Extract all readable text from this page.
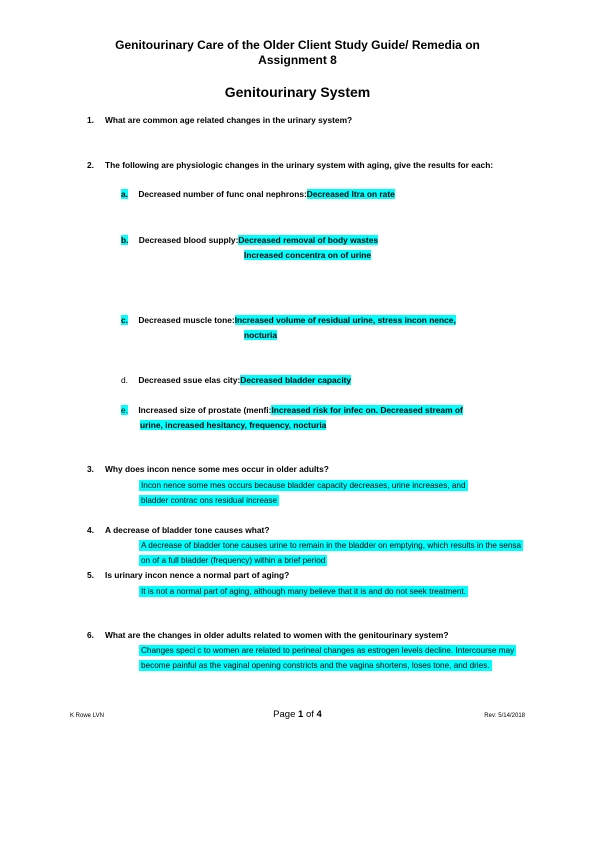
Genitourinary Care of the Older Client Study Guide/ Remedia on
Assignment 8
Genitourinary System
1. What are common age related changes in the urinary system?
2. The following are physiologic changes in the urinary system with aging, give the results for each:
a. Decreased number of func onal nephrons:Decreased ltra on rate
b. Decreased blood supply:Decreased removal of body wastes
Increased concentra on of urine
c. Decreased muscle tone:Increased volume of residual urine, stress incon nence,
nocturia
d. Decreased ssue elas city:Decreased bladder capacity
e. Increased size of prostate (menﬁ:Increased risk for infec on. Decreased stream of
urine, increased hesitancy, frequency, nocturia
3. Why does incon nence some mes occur in older adults?
Incon nence some mes occurs because bladder capacity decreases, urine increases, and bladder contrac ons residual increase
4. A decrease of bladder tone causes what?
A decrease of bladder tone causes urine to remain in the bladder on emptying, which results in the sensa on of a full bladder (frequency) within a brief period
5. Is urinary incon nence a normal part of aging?
It is not a normal part of aging, although many believe that it is and do not seek treatment.
6. What are the changes in older adults related to women with the genitourinary system?
Changes speci c to women are related to perineal changes as estrogen levels decline. Intercourse may become painful as the vaginal opening constricts and the vagina shortens, loses tone, and dries.
K Rowe LVN	Page 1 of 4	Rev: 5/14/2018
